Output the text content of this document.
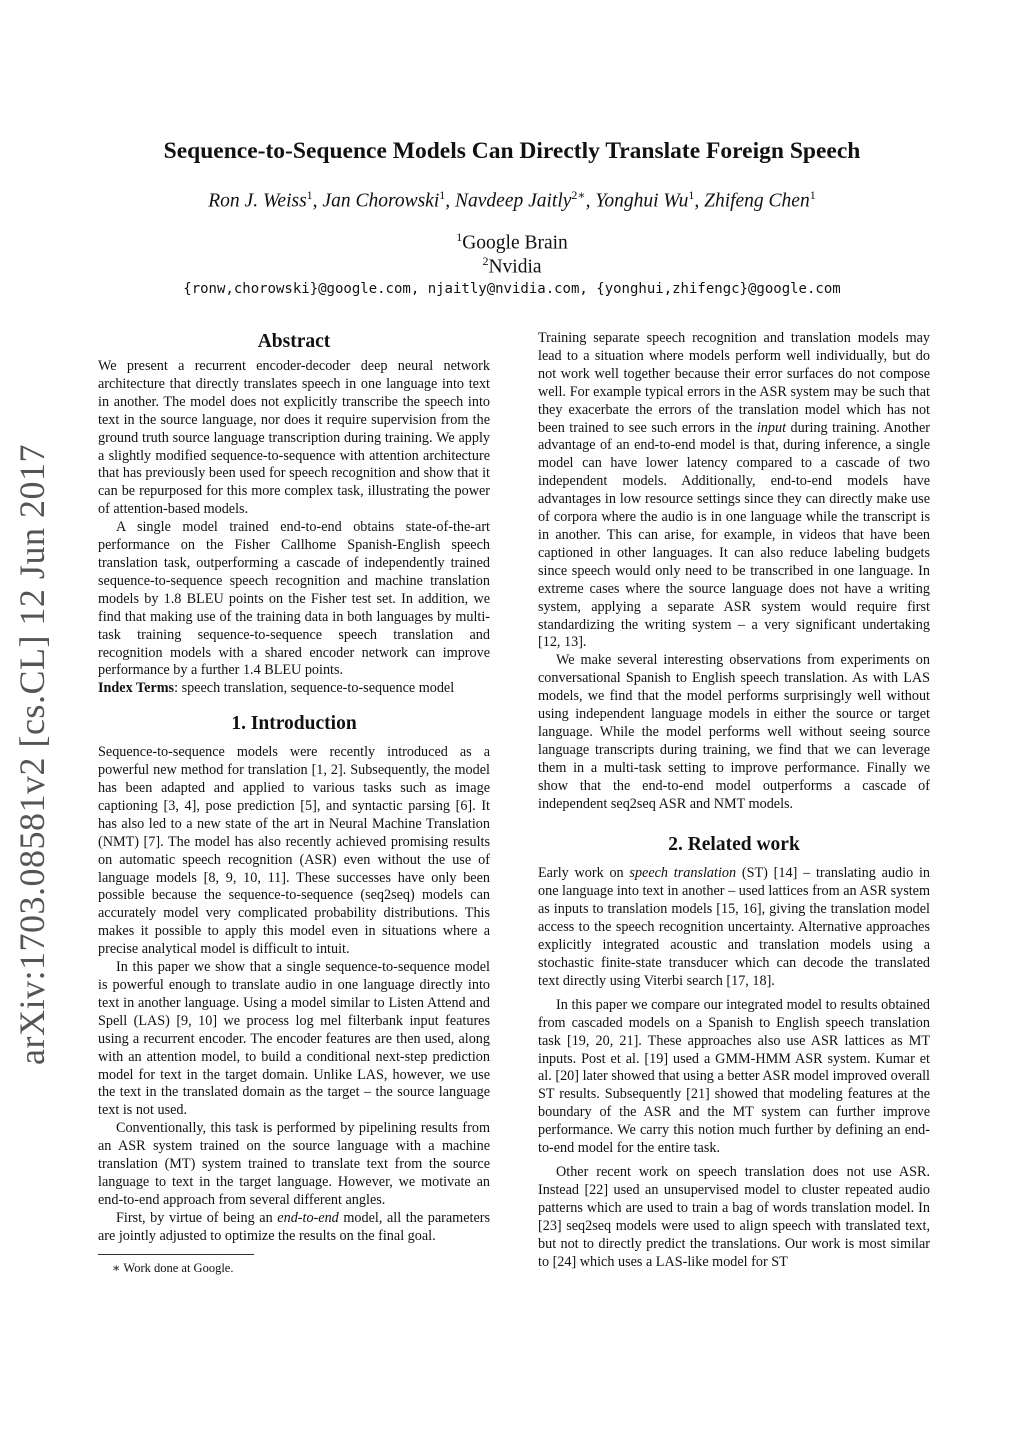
arXiv:1703.08581v2 [cs.CL] 12 Jun 2017
Sequence-to-Sequence Models Can Directly Translate Foreign Speech
Ron J. Weiss$^1$, Jan Chorowski$^1$, Navdeep Jaitly$^{2∗}$, Yonghui Wu$^1$, Zhifeng Chen$^1$
$^1$Google Brain
$^2$Nvidia
{ronw,chorowski}@google.com, njaitly@nvidia.com, {yonghui,zhifengc}@google.com
Abstract

We present a recurrent encoder-decoder deep neural network architecture that directly translates speech in one language into text in another. The model does not explicitly transcribe the speech into text in the source language, nor does it require supervision from the ground truth source language transcription during training. We apply a slightly modified sequence-to-sequence with attention architecture that has previously been used for speech recognition and show that it can be repurposed for this more complex task, illustrating the power of attention-based models.

A single model trained end-to-end obtains state-of-the-art performance on the Fisher Callhome Spanish-English speech translation task, outperforming a cascade of independently trained sequence-to-sequence speech recognition and machine translation models by 1.8 BLEU points on the Fisher test set. In addition, we find that making use of the training data in both languages by multi-task training sequence-to-sequence speech translation and recognition models with a shared encoder network can improve performance by a further 1.4 BLEU points.

Index Terms: speech translation, sequence-to-sequence model

1. Introduction

Sequence-to-sequence models were recently introduced as a powerful new method for translation [1, 2]. Subsequently, the model has been adapted and applied to various tasks such as image captioning [3, 4], pose prediction [5], and syntactic parsing [6]. It has also led to a new state of the art in Neural Machine Translation (NMT) [7]. The model has also recently achieved promising results on automatic speech recognition (ASR) even without the use of language models [8, 9, 10, 11]. These successes have only been possible because the sequence-to-sequence (seq2seq) models can accurately model very complicated probability distributions. This makes it possible to apply this model even in situations where a precise analytical model is difficult to intuit.

In this paper we show that a single sequence-to-sequence model is powerful enough to translate audio in one language directly into text in another language. Using a model similar to Listen Attend and Spell (LAS) [9, 10] we process log mel filterbank input features using a recurrent encoder. The encoder features are then used, along with an attention model, to build a conditional next-step prediction model for text in the target domain. Unlike LAS, however, we use the text in the translated domain as the target – the source language text is not used.

Conventionally, this task is performed by pipelining results from an ASR system trained on the source language with a machine translation (MT) system trained to translate text from the source language to text in the target language. However, we motivate an end-to-end approach from several different angles.

First, by virtue of being an end-to-end model, all the parameters are jointly adjusted to optimize the results on the final goal.

∗ Work done at Google.

Training separate speech recognition and translation models may lead to a situation where models perform well individually, but do not work well together because their error surfaces do not compose well. For example typical errors in the ASR system may be such that they exacerbate the errors of the translation model which has not been trained to see such errors in the input during training. Another advantage of an end-to-end model is that, during inference, a single model can have lower latency compared to a cascade of two independent models. Additionally, end-to-end models have advantages in low resource settings since they can directly make use of corpora where the audio is in one language while the transcript is in another. This can arise, for example, in videos that have been captioned in other languages. It can also reduce labeling budgets since speech would only need to be transcribed in one language. In extreme cases where the source language does not have a writing system, applying a separate ASR system would require first standardizing the writing system – a very significant undertaking [12, 13].

We make several interesting observations from experiments on conversational Spanish to English speech translation. As with LAS models, we find that the model performs surprisingly well without using independent language models in either the source or target language. While the model performs well without seeing source language transcripts during training, we find that we can leverage them in a multi-task setting to improve performance. Finally we show that the end-to-end model outperforms a cascade of independent seq2seq ASR and NMT models.

2. Related work

Early work on speech translation (ST) [14] – translating audio in one language into text in another – used lattices from an ASR system as inputs to translation models [15, 16], giving the translation model access to the speech recognition uncertainty. Alternative approaches explicitly integrated acoustic and translation models using a stochastic finite-state transducer which can decode the translated text directly using Viterbi search [17, 18].

In this paper we compare our integrated model to results obtained from cascaded models on a Spanish to English speech translation task [19, 20, 21]. These approaches also use ASR lattices as MT inputs. Post et al. [19] used a GMM-HMM ASR system. Kumar et al. [20] later showed that using a better ASR model improved overall ST results. Subsequently [21] showed that modeling features at the boundary of the ASR and the MT system can further improve performance. We carry this notion much further by defining an end-to-end model for the entire task.

Other recent work on speech translation does not use ASR. Instead [22] used an unsupervised model to cluster repeated audio patterns which are used to train a bag of words translation model. In [23] seq2seq models were used to align speech with translated text, but not to directly predict the translations. Our work is most similar to [24] which uses a LAS-like model for ST
